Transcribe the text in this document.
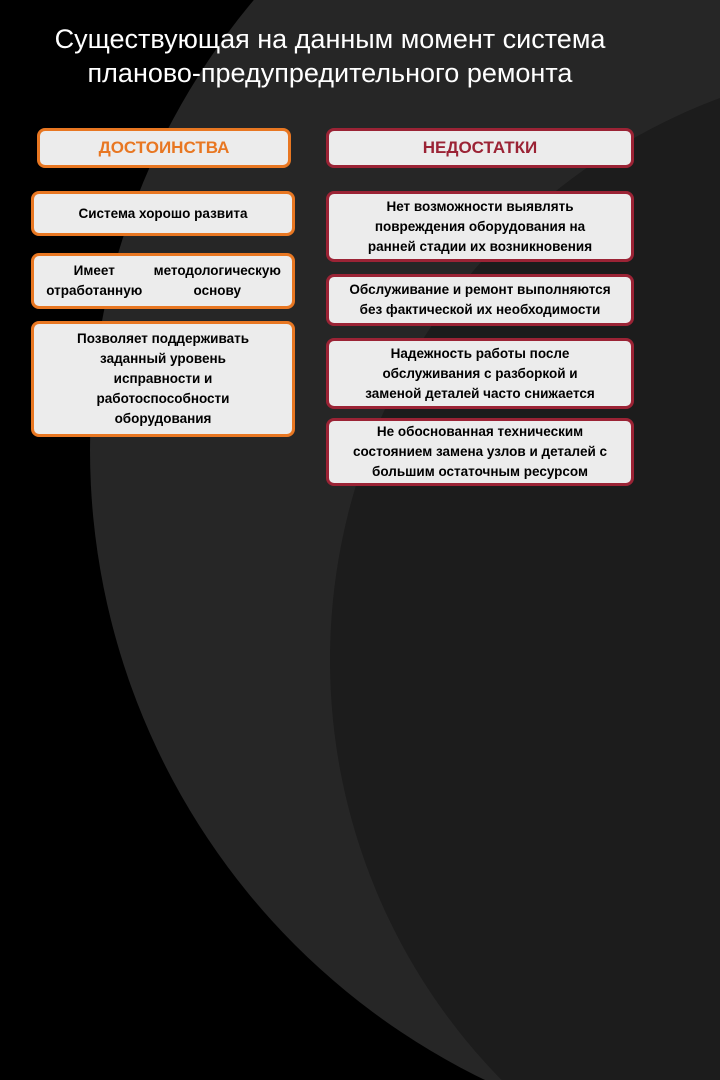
Существующая на данным момент система
планово-предупредительного ремонта
ДОСТОИНСТВА
Система хорошо развита
Имеет отработанную
методологическую основу
Позволяет поддерживать
заданный уровень
исправности и
работоспособности
оборудования
НЕДОСТАТКИ
Нет возможности выявлять
повреждения оборудования на
ранней стадии их возникновения
Обслуживание и ремонт выполняются
без фактической их необходимости
Надежность работы после
обслуживания с разборкой и
заменой деталей часто снижается
Не обоснованная техническим
состоянием замена узлов и деталей с
большим остаточным ресурсом
